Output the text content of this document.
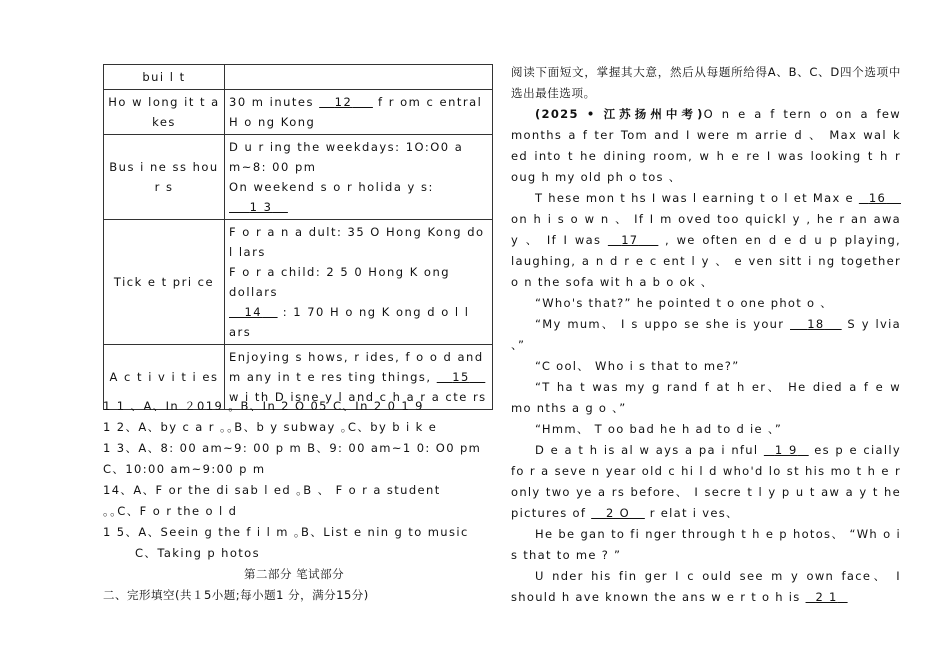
bui l t	
Ho w long it t a kes	30 m inutes    12     f r om c entral H o ng Kong
Bus i ne ss hou r s	D u r ing the weekdays: 1O:O0 a m~8: 00 pm
On weekend s o r holida y s:     1 3
Tick e t pri ce	F o r a n a dult: 35 O Hong Kong do l lars
F o r a child: 2 5 0 Hong K ong dollars
14    : 1 70 H o ng K ong d o l l ars
A c t i v i t i es	Enjoying s hows, r ides, f o o d and m any in t e res ting things,    15    w i th D isne y l and c h a r a cte rs
1 1 、A、In ２019 ｡ B、In 2 O 05 C、In 2 0 1 9
1 2、A、by c a r ｡｡B、b y subway ｡C、by b i k e
1 3、A、8: 00 am~9: 00 p m B、9: 00 am~1 0: O0 pm
C、10:00 am~9:00 p m
14、A、F or the di sab l ed ｡B 、 F o r a student
｡｡C、F o r the o l d
1 5、A、Seein g the f i l m ｡B、List e nin g to music
C、Taking p hotos
第二部分 笔试部分
二、完形填空(共１5小题;每小题1 分，满分15分)

阅读下面短文，掌握其大意，然后从每题所给得A、B、C、D四个选项中选出最佳选项。

(2025 • 江苏扬州中考)O n e a f tern o on a few months a f ter Tom and I were m arrie d 、 Max wal k ed into t he dining room, w h e re I was looking t h r oug h my old ph o tos 、

T hese mon t hs I was l earning t o l et Max e   16    on h i s o w n 、 If I m oved too quickl y , he r an awa y 、 If I was   17    , we often en d e d u p playing, laughing, a n d r e c ent l y 、 e ven sitt i ng together o n the sofa wit h a b o ok 、

“Who's that?” he pointed t o one phot o 、

“My mum、 I s uppo se she is your    18    S y lvia 、”

“C ool、 Who i s that to me?”

“T ha t was my g rand f at h er、 He died a f e w mo nths a g o 、”

“Hmm、 T oo bad he h ad to d ie 、”

D e a t h is al w ays a pa i nful   1 9   es p e cially fo r a seve n year old c hi l d who'd lo st his mo t h e r only two ye a rs before、 I secre t l y p u t aw a y t he pictures of    2 O    r elat i ves、

He be gan to fi nger through t h e p hotos、 “Wh o i s that to me ? ”

U nder his fin ger I c ould see m y own face、 I should h ave known the ans w e r t o h is   2 1
